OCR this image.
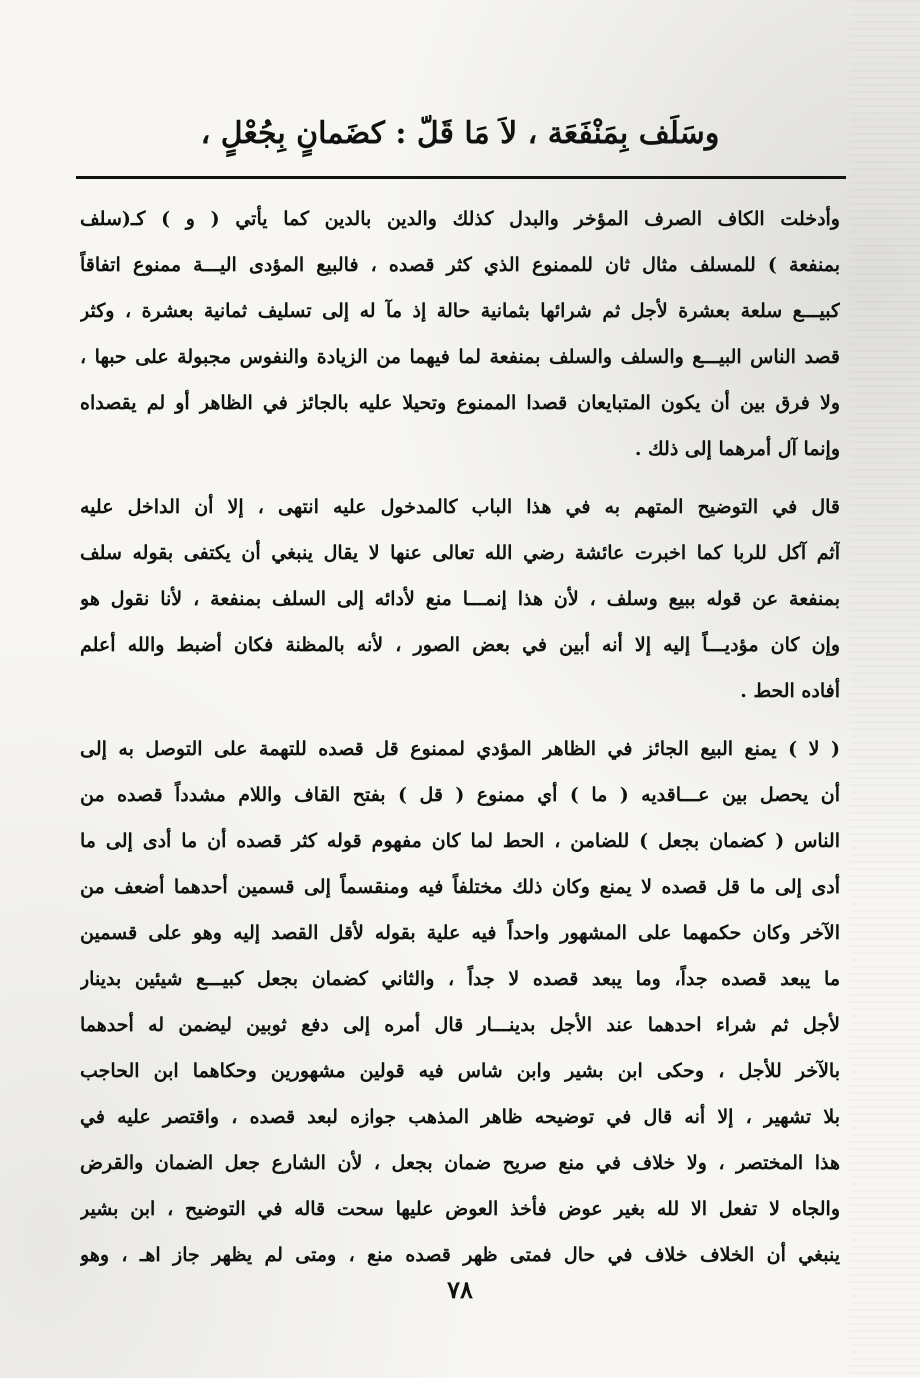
وسَلَف بِمَنْفَعَة ، لاَ مَا قَلّ : كضَمانٍ بِجُعْلٍ ،
وأدخلت الكاف الصرف المؤخر والبدل كذلك والدين بالدين كما يأتي ( و ) كـ(سلف
بمنفعة ) للمسلف مثال ثان للممنوع الذي كثر قصده ، فالبيع المؤدى اليـــة ممنوع اتفاقاً
كبيـــع سلعة بعشرة لأجل ثم شرائها بثمانية حالة إذ مآ له إلى تسليف ثمانية بعشرة ، وكثر
قصد الناس البيـــع والسلف والسلف بمنفعة لما فيهما من الزيادة والنفوس مجبولة على حبها ،
ولا فرق بين أن يكون المتبايعان قصدا الممنوع وتحيلا عليه بالجائز في الظاهر أو لم يقصداه
وإنما آل أمرهما إلى ذلك .
قال في التوضيح المتهم به في هذا الباب كالمدخول عليه انتهى ، إلا أن الداخل عليه
آثم آكل للربا كما اخبرت عائشة رضي الله تعالى عنها لا يقال ينبغي أن يكتفى بقوله سلف
بمنفعة عن قوله ببيع وسلف ، لأن هذا إنمـــا منع لأدائه إلى السلف بمنفعة ، لأنا نقول هو
وإن كان مؤديـــاً إليه إلا أنه أبين في بعض الصور ، لأنه بالمظنة فكان أضبط والله أعلم
أفاده الحط .
( لا ) يمنع البيع الجائز في الظاهر المؤدي لممنوع قل قصده للتهمة على التوصل به إلى
أن يحصل بين عـــاقديه ( ما ) أي ممنوع ( قل ) بفتح القاف واللام مشدداً قصده من
الناس ( كضمان بجعل ) للضامن ، الحط لما كان مفهوم قوله كثر قصده أن ما أدى إلى ما
أدى إلى ما قل قصده لا يمنع وكان ذلك مختلفاً فيه ومنقسماً إلى قسمين أحدهما أضعف من
الآخر وكان حكمهما على المشهور واحداً فيه علية بقوله لأقل القصد إليه وهو على قسمين
ما يبعد قصده جداً، وما يبعد قصده لا جداً ، والثاني كضمان بجعل كبيـــع شيئين بدينار
لأجل ثم شراء احدهما عند الأجل بدينـــار قال أمره إلى دفع ثوبين ليضمن له أحدهما
بالآخر للأجل ، وحكى ابن بشير وابن شاس فيه قولين مشهورين وحكاهما ابن الحاجب
بلا تشهير ، إلا أنه قال في توضيحه ظاهر المذهب جوازه لبعد قصده ، واقتصر عليه في
هذا المختصر ، ولا خلاف في منع صريح ضمان بجعل ، لأن الشارع جعل الضمان والقرض
والجاه لا تفعل الا لله بغير عوض فأخذ العوض عليها سحت قاله في التوضيح ، ابن بشير
ينبغي أن الخلاف خلاف في حال فمتى ظهر قصده منع ، ومتى لم يظهر جاز اهـ ، وهو
٧٨
